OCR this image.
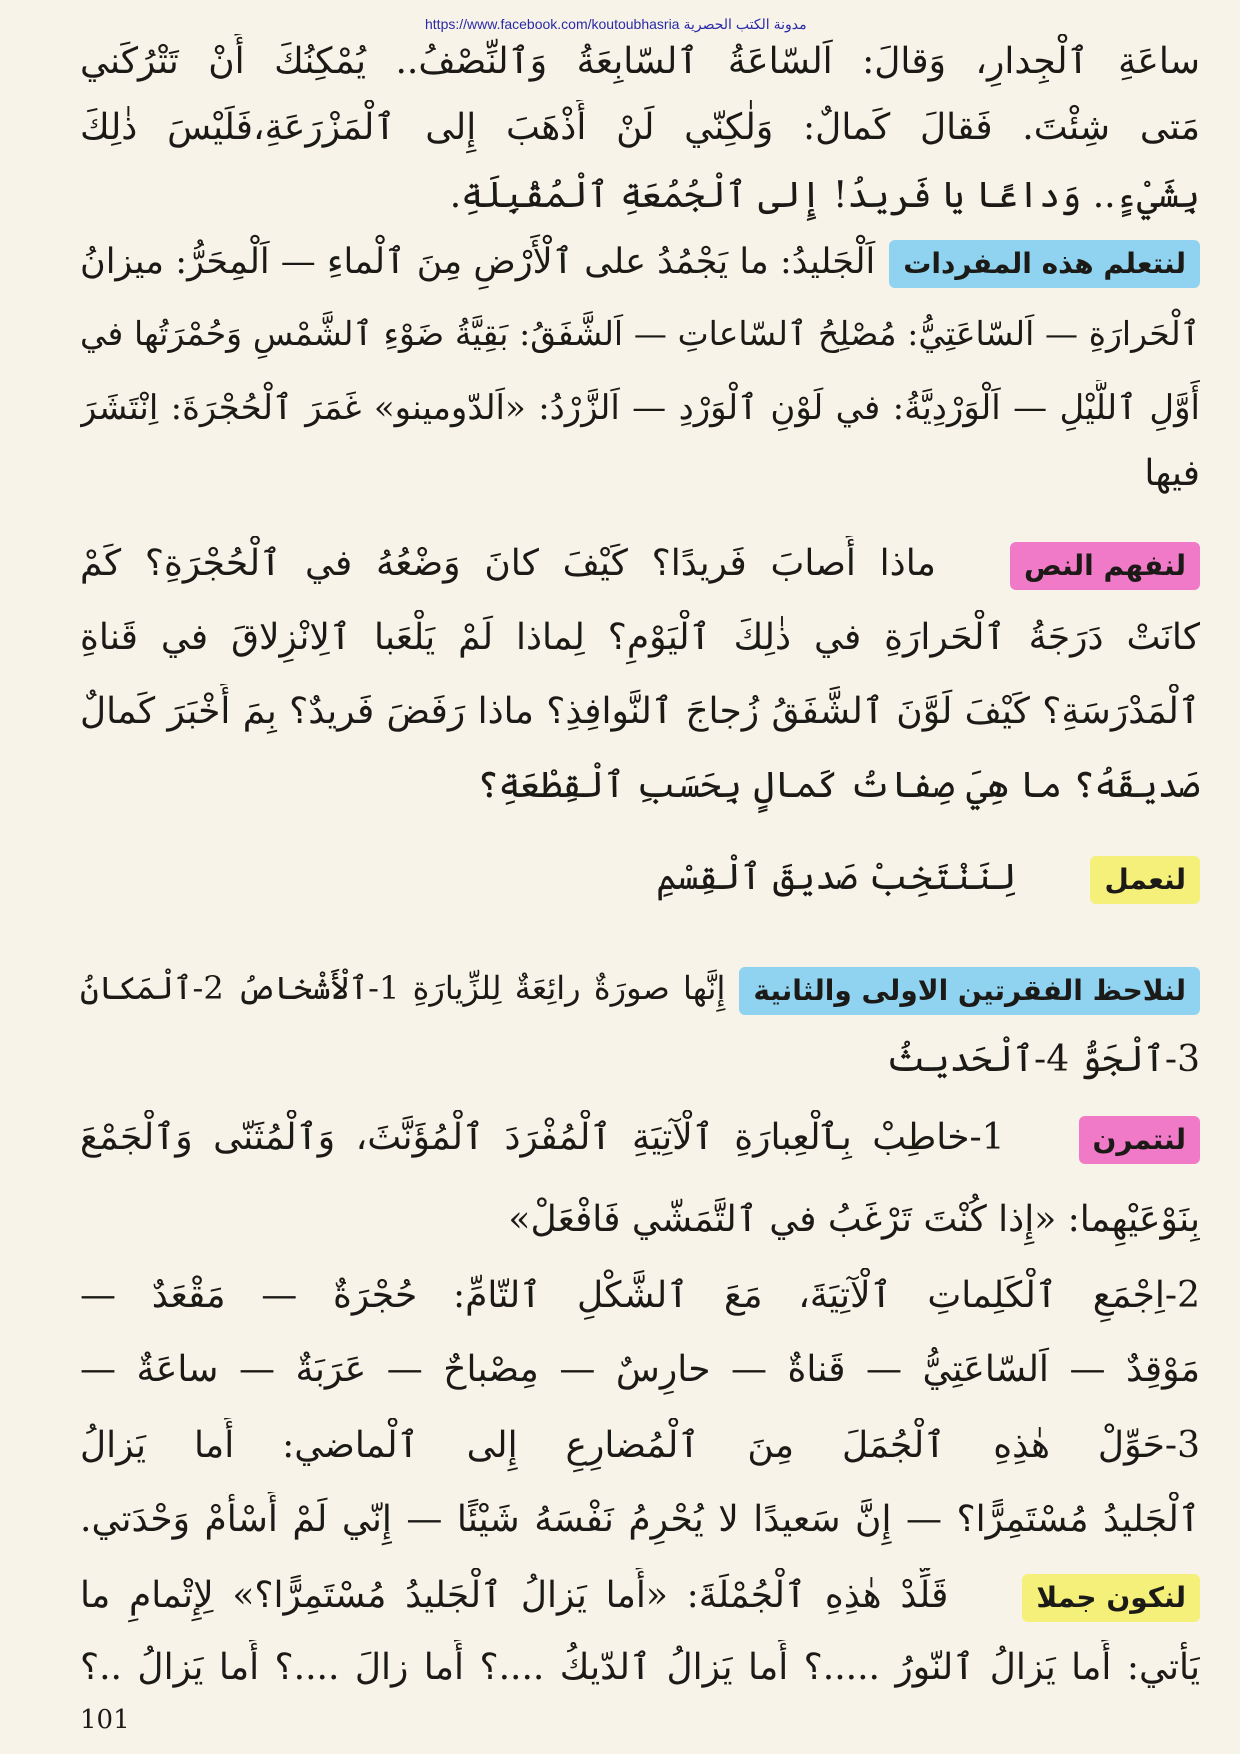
https://www.facebook.com/koutoubhasria مدونة الكتب الحصرية
ساعَةِ ٱلْجِدارِ، وَقالَ: اَلسّاعَةُ ٱلسّابِعَةُ وَٱلنِّصْفُ.. يُمْكِنُكَ أَنْ تَتْرُكَني
مَتى شِئْتَ. فَقالَ كَمالٌ: وَلٰكِنّي لَنْ أَذْهَبَ إِلى ٱلْمَزْرَعَةِ،فَلَيْسَ ذٰلِكَ
بِشَيْءٍ.. وَداعًا يا فَريدُ! إِلى ٱلْجُمُعَةِ ٱلْمُقْبِلَةِ.
لنتعلم هذه المفرداتاَلْجَليدُ: ما يَجْمُدُ على ٱلْأَرْضِ مِنَ ٱلْماءِ — اَلْمِحَرُّ: ميزانُ
ٱلْحَرارَةِ — اَلسّاعَتِيُّ: مُصْلِحُ ٱلسّاعاتِ — اَلشَّفَقُ: بَقِيَّةُ ضَوْءِ ٱلشَّمْسِ وَحُمْرَتُها في
أَوَّلِ ٱللَّيْلِ — اَلْوَرْدِيَّةُ: في لَوْنِ ٱلْوَرْدِ — اَلزَّرْدُ: «اَلدّومينو» غَمَرَ ٱلْحُجْرَةَ: اِنْتَشَرَ
فيها
لنفهم النصماذا أَصابَ فَريدًا؟ كَيْفَ كانَ وَضْعُهُ في ٱلْحُجْرَةِ؟ كَمْ
كانَتْ دَرَجَةُ ٱلْحَرارَةِ في ذٰلِكَ ٱلْيَوْمِ؟ لِماذا لَمْ يَلْعَبا ٱلِانْزِلاقَ في قَناةِ
ٱلْمَدْرَسَةِ؟ كَيْفَ لَوَّنَ ٱلشَّفَقُ زُجاجَ ٱلنَّوافِذِ؟ ماذا رَفَضَ فَريدٌ؟ بِمَ أَخْبَرَ كَمالٌ
صَديقَهُ؟ ما هِيَ صِفاتُ كَمالٍ بِحَسَبِ ٱلْقِطْعَةِ؟
لنعمللِنَنْتَخِبْ صَديقَ ٱلْقِسْمِ
لنلاحظ الفقرتين الاولى والثانيةإِنَّها صورَةٌ رائِعَةٌ لِلزِّيارَةِ 1-ٱلْأَشْخاصُ 2-ٱلْمَكانُ
3-ٱلْجَوُّ 4-ٱلْحَديثُ
لنتمرن1-خاطِبْ بِٱلْعِبارَةِ ٱلْآتِيَةِ ٱلْمُفْرَدَ ٱلْمُؤَنَّثَ، وَٱلْمُثَنّى وَٱلْجَمْعَ
بِنَوْعَيْهِما: «إِذا كُنْتَ تَرْغَبُ في ٱلتَّمَشّي فَافْعَلْ»
2-اِجْمَعِ ٱلْكَلِماتِ ٱلْآتِيَةَ، مَعَ ٱلشَّكْلِ ٱلتّامِّ: حُجْرَةٌ — مَقْعَدٌ —
مَوْقِدٌ — اَلسّاعَتِيُّ — قَناةٌ — حارِسٌ — مِصْباحٌ — عَرَبَةٌ — ساعَةٌ —
3-حَوِّلْ هٰذِهِ ٱلْجُمَلَ مِنَ ٱلْمُضارِعِ إِلى ٱلْماضي: أَما يَزالُ
ٱلْجَليدُ مُسْتَمِرًّا؟ — إِنَّ سَعيدًا لا يُحْرِمُ نَفْسَهُ شَيْئًا — إِنّي لَمْ أَسْأَمْ وَحْدَتي.
لنكون جملاقَلِّدْ هٰذِهِ ٱلْجُمْلَةَ: «أَما يَزالُ ٱلْجَليدُ مُسْتَمِرًّا؟» لِإِتْمامِ ما
يَأْتي: أَما يَزالُ ٱلنّورُ .....؟ أَما يَزالُ ٱلدّيكُ ....؟ أَما زالَ ....؟ أَما يَزالُ ..؟
101
